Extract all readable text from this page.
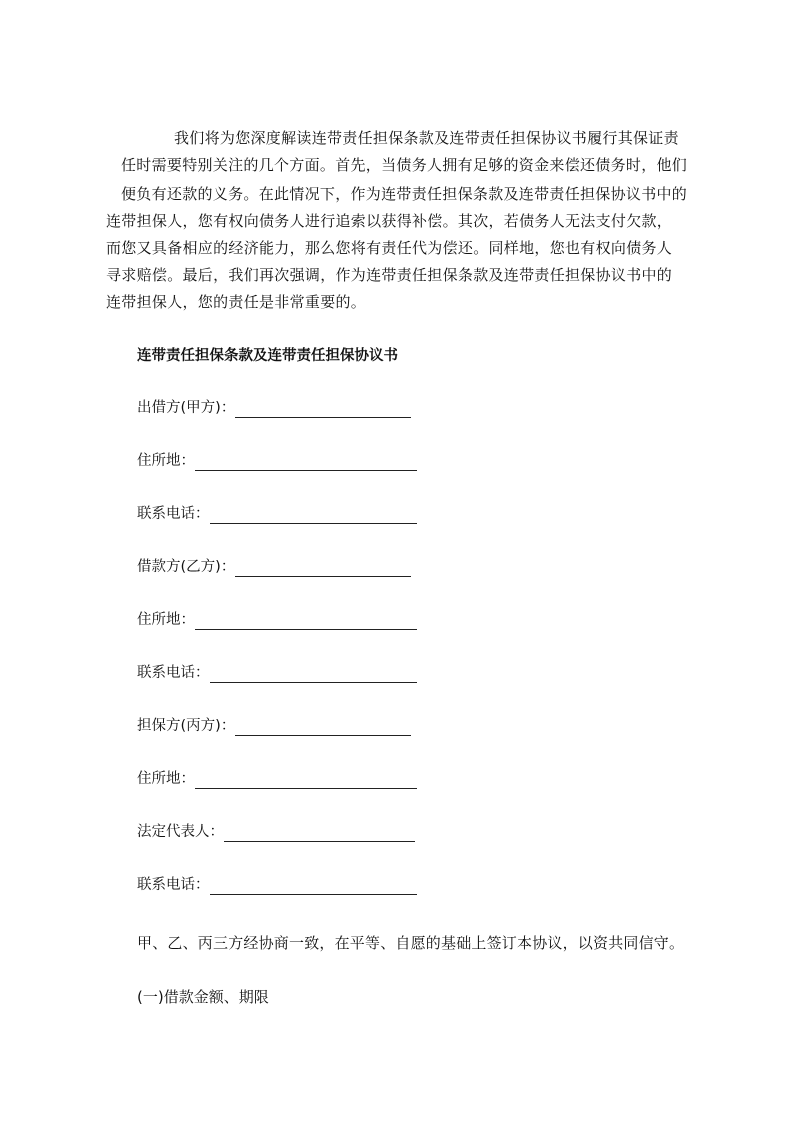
我们将为您深度解读连带责任担保条款及连带责任担保协议书履行其保证责
任时需要特别关注的几个方面。首先，当债务人拥有足够的资金来偿还债务时，他们
便负有还款的义务。在此情况下，作为连带责任担保条款及连带责任担保协议书中的
连带担保人，您有权向债务人进行追索以获得补偿。其次，若债务人无法支付欠款，
而您又具备相应的经济能力，那么您将有责任代为偿还。同样地，您也有权向债务人
寻求赔偿。最后，我们再次强调，作为连带责任担保条款及连带责任担保协议书中的
连带担保人，您的责任是非常重要的。
连带责任担保条款及连带责任担保协议书
出借方(甲方)：
住所地：
联系电话：
借款方(乙方)：
住所地：
联系电话：
担保方(丙方)：
住所地：
法定代表人：
联系电话：
甲、乙、丙三方经协商一致，在平等、自愿的基础上签订本协议，以资共同信守。
(一)借款金额、期限
